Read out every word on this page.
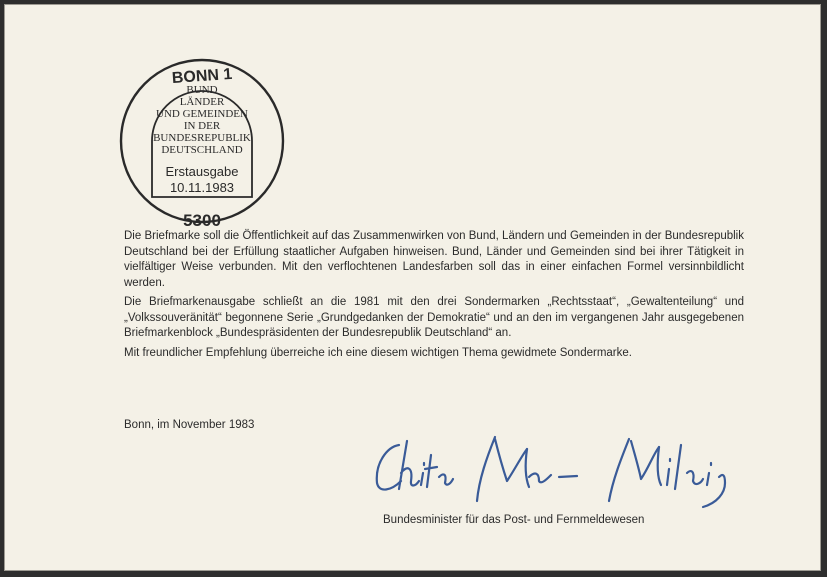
BONN 1
BUND
LÄNDER
UND GEMEINDEN
IN DER
BUNDESREPUBLIK
DEUTSCHLAND
Erstausgabe
10.11.1983
5300

Die Briefmarke soll die Öffentlichkeit auf das Zusammenwirken von Bund, Ländern und Gemeinden in der Bundesrepublik Deutschland bei der Erfüllung staatlicher Aufgaben hinweisen. Bund, Länder und Gemeinden sind bei ihrer Tätigkeit in vielfältiger Weise verbunden. Mit den verflochtenen Landesfarben soll das in einer einfachen Formel versinnbildlicht werden.

Die Briefmarkenausgabe schließt an die 1981 mit den drei Sondermarken „Rechtsstaat“, „Gewaltenteilung“ und „Volkssouveränität“ begonnene Serie „Grundgedanken der Demokratie“ und an den im vergangenen Jahr ausgegebenen Briefmarkenblock „Bundespräsidenten der Bundesrepublik Deutschland“ an.

Mit freundlicher Empfehlung überreiche ich eine diesem wichtigen Thema gewidmete Sondermarke.

Bonn, im November 1983
Bundesminister für das Post- und Fernmeldewesen
